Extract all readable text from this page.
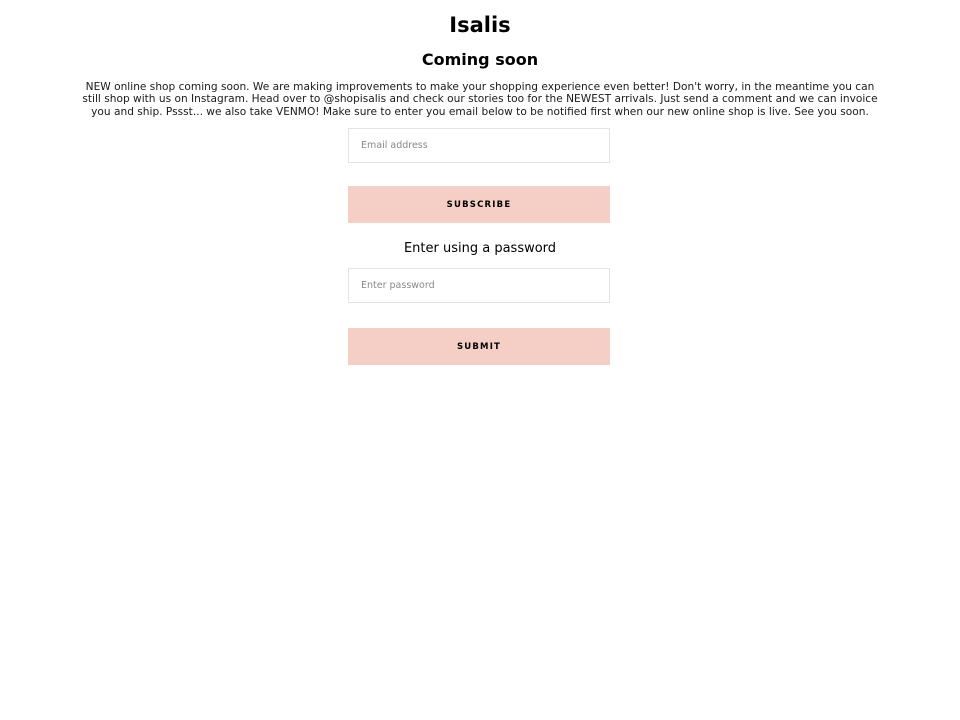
Isalis
Coming soon

NEW online shop coming soon. We are making improvements to make your shopping experience even better! Don't worry, in the meantime you can still shop with us on Instagram. Head over to @shopisalis and check our stories too for the NEWEST arrivals. Just send a comment and we can invoice you and ship. Pssst... we also take VENMO! Make sure to enter you email below to be notified first when our new online shop is live. See you soon.

Email address
SUBSCRIBE
Enter using a password
SUBMIT
